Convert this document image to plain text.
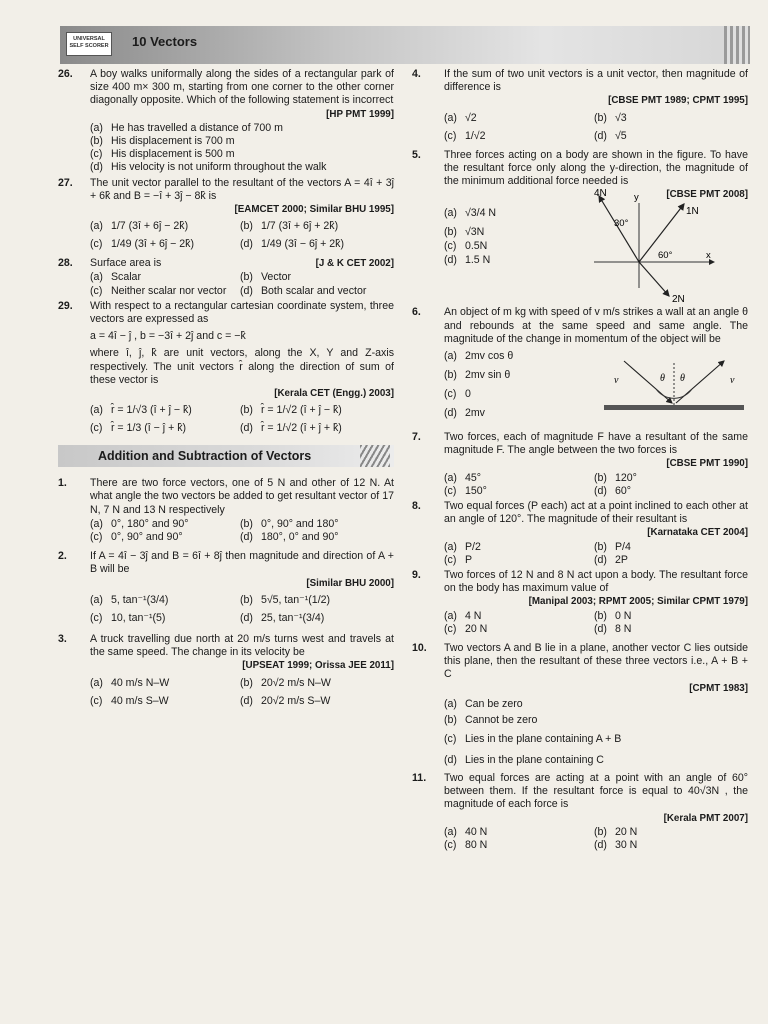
UNIVERSAL SELF SCORER 10 Vectors
26. A boy walks uniformally along the sides of a rectangular park of size 400 m× 300 m, starting from one corner to the other corner diagonally opposite. Which of the following statement is incorrect
[HP PMT 1999]
(a) He has travelled a distance of 700 m
(b) His displacement is 700 m
(c) His displacement is 500 m
(d) His velocity is not uniform throughout the walk
27. The unit vector parallel to the resultant of the vectors A = 4î + 3ĵ + 6k̂ and B = −î + 3ĵ − 8k̂ is
[EAMCET 2000; Similar BHU 1995]
(a) 1/7 (3î + 6ĵ − 2k̂)	(b) 1/7 (3î + 6ĵ + 2k̂)
(c) 1/49 (3î + 6ĵ − 2k̂)	(d) 1/49 (3î − 6ĵ + 2k̂)
28. Surface area is	[J & K CET 2002]
(a) Scalar	(b) Vector
(c) Neither scalar nor vector	(d) Both scalar and vector
29. With respect to a rectangular cartesian coordinate system, three vectors are expressed as
a = 4î − ĵ , b = −3î + 2ĵ and c = −k̂
where î, ĵ, k̂ are unit vectors, along the X, Y and Z-axis respectively. The unit vectors r̂ along the direction of sum of these vector is
[Kerala CET (Engg.) 2003]
(a) r̂ = 1/√3 (î + ĵ − k̂)	(b) r̂ = 1/√2 (î + ĵ − k̂)
(c) r̂ = 1/3 (î − ĵ + k̂)	(d) r̂ = 1/√2 (î + ĵ + k̂)
Addition and Subtraction of Vectors
1. There are two force vectors, one of 5 N and other of 12 N. At what angle the two vectors be added to get resultant vector of 17 N, 7 N and 13 N respectively
(a) 0°, 180° and 90°	(b) 0°, 90° and 180°
(c) 0°, 90° and 90°	(d) 180°, 0° and 90°
2. If A = 4î − 3ĵ and B = 6î + 8ĵ then magnitude and direction of A + B will be
[Similar BHU 2000]
(a) 5, tan⁻¹(3/4)	(b) 5√5, tan⁻¹(1/2)
(c) 10, tan⁻¹(5)	(d) 25, tan⁻¹(3/4)
3. A truck travelling due north at 20 m/s turns west and travels at the same speed. The change in its velocity be
[UPSEAT 1999; Orissa JEE 2011]
(a) 40 m/s N–W	(b) 20√2 m/s N–W
(c) 40 m/s S–W	(d) 20√2 m/s S–W
4. If the sum of two unit vectors is a unit vector, then magnitude of difference is
[CBSE PMT 1989; CPMT 1995]
(a) √2	(b) √3
(c) 1/√2	(d) √5
5. Three forces acting on a body are shown in the figure. To have the resultant force only along the y-direction, the magnitude of the minimum additional force needed is
[CBSE PMT 2008]
(a) √3/4 N
(b) √3N
(c) 0.5N
(d) 1.5 N
4N
1N
2N
30°
60°
y
x
6. An object of m kg with speed of v m/s strikes a wall at an angle θ and rebounds at the same speed and same angle. The magnitude of the change in momentum of the object will be
(a) 2mv cos θ
(b) 2mv sin θ
(c) 0
(d) 2mv
v	v
θ θ
7. Two forces, each of magnitude F have a resultant of the same magnitude F. The angle between the two forces is
[CBSE PMT 1990]
(a) 45°	(b) 120°
(c) 150°	(d) 60°
8. Two equal forces (P each) act at a point inclined to each other at an angle of 120°. The magnitude of their resultant is
[Karnataka CET 2004]
(a) P/2	(b) P/4
(c) P	(d) 2P
9. Two forces of 12 N and 8 N act upon a body. The resultant force on the body has maximum value of
[Manipal 2003; RPMT 2005; Similar CPMT 1979]
(a) 4 N	(b) 0 N
(c) 20 N	(d) 8 N
10. Two vectors A and B lie in a plane, another vector C lies outside this plane, then the resultant of these three vectors i.e., A + B + C
[CPMT 1983]
(a) Can be zero
(b) Cannot be zero
(c) Lies in the plane containing A + B
(d) Lies in the plane containing C
11. Two equal forces are acting at a point with an angle of 60° between them. If the resultant force is equal to 40√3N , the magnitude of each force is
[Kerala PMT 2007]
(a) 40 N	(b) 20 N
(c) 80 N	(d) 30 N
